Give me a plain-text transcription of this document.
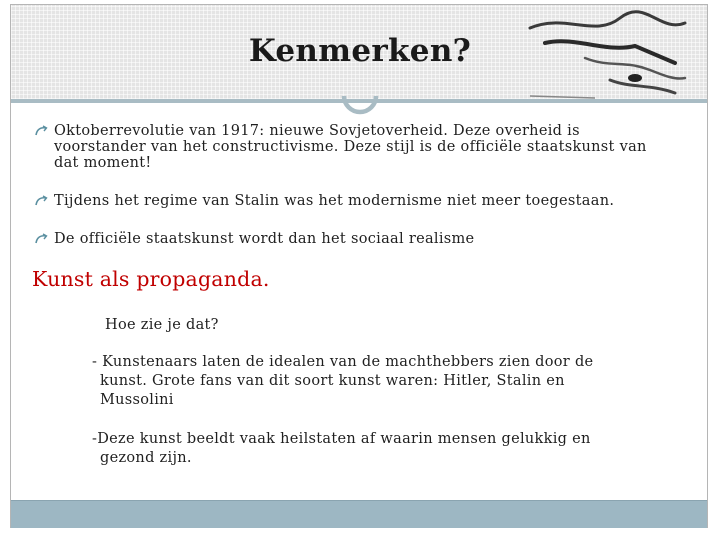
Kenmerken?
Oktoberrevolutie van 1917: nieuwe Sovjetoverheid. Deze overheid is
voorstander van het constructivisme. Deze stijl is de officiële staatskunst van
dat moment!
Tijdens het regime van Stalin was het modernisme niet meer toegestaan.
De officiële staatskunst wordt dan het sociaal realisme
Kunst als propaganda.
Hoe zie je dat?
- Kunstenaars laten de idealen van de machthebbers zien door de

kunst. Grote fans van dit soort kunst waren: Hitler, Stalin en
Mussolini
-Deze kunst beeldt vaak heilstaten af waarin mensen gelukkig en

gezond zijn.
